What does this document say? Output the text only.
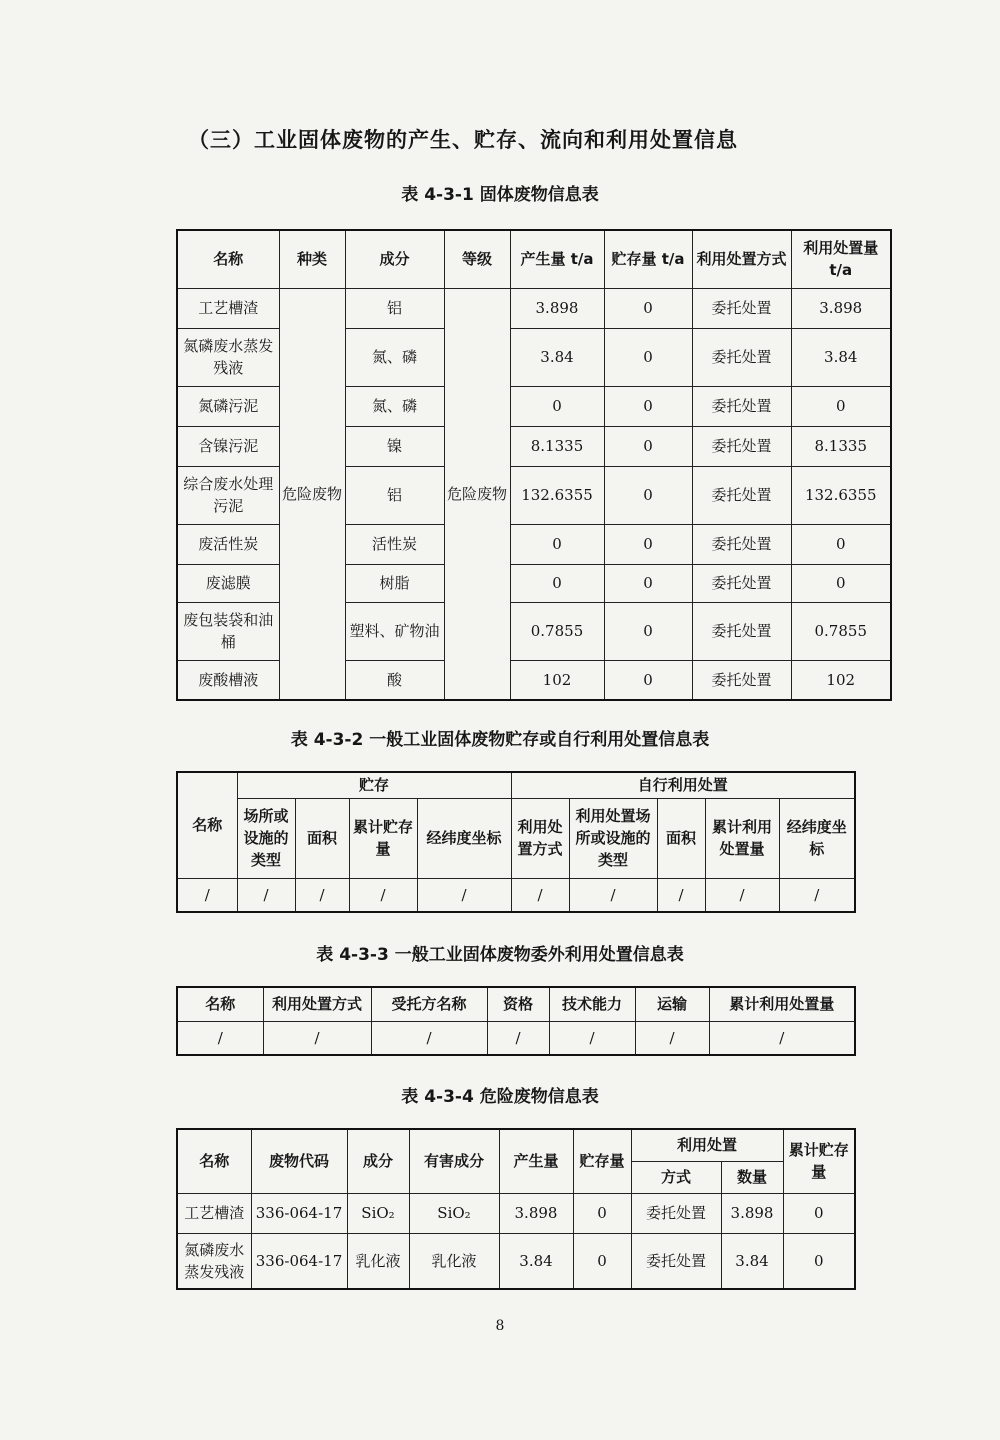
（三）工业固体废物的产生、贮存、流向和利用处置信息
表 4-3-1 固体废物信息表
名称	种类	成分	等级	产生量 t/a	贮存量 t/a	利用处置方式	利用处置量 t/a
工艺槽渣	危险废物	铝	危险废物	3.898	0	委托处置	3.898
氮磷废水蒸发残液		氮、磷		3.84	0	委托处置	3.84
氮磷污泥		氮、磷		0	0	委托处置	0
含镍污泥		镍		8.1335	0	委托处置	8.1335
综合废水处理污泥		铝		132.6355	0	委托处置	132.6355
废活性炭		活性炭		0	0	委托处置	0
废滤膜		树脂		0	0	委托处置	0
废包装袋和油桶		塑料、矿物油		0.7855	0	委托处置	0.7855
废酸槽液		酸		102	0	委托处置	102
表 4-3-2 一般工业固体废物贮存或自行利用处置信息表
名称	贮存				自行利用处置				
	场所或设施的类型	面积	累计贮存量	经纬度坐标	利用处置方式	利用处置场所或设施的类型	面积	累计利用处置量	经纬度坐标
/	/	/	/	/	/	/	/	/	/
表 4-3-3 一般工业固体废物委外利用处置信息表
名称	利用处置方式	受托方名称	资格	技术能力	运输	累计利用处置量
/	/	/	/	/	/	/
表 4-3-4 危险废物信息表
名称	废物代码	成分	有害成分	产生量	贮存量	利用处置		累计贮存量
						方式	数量	
工艺槽渣	336-064-17	SiO₂	SiO₂	3.898	0	委托处置	3.898	0
氮磷废水蒸发残液	336-064-17	乳化液	乳化液	3.84	0	委托处置	3.84	0
8
